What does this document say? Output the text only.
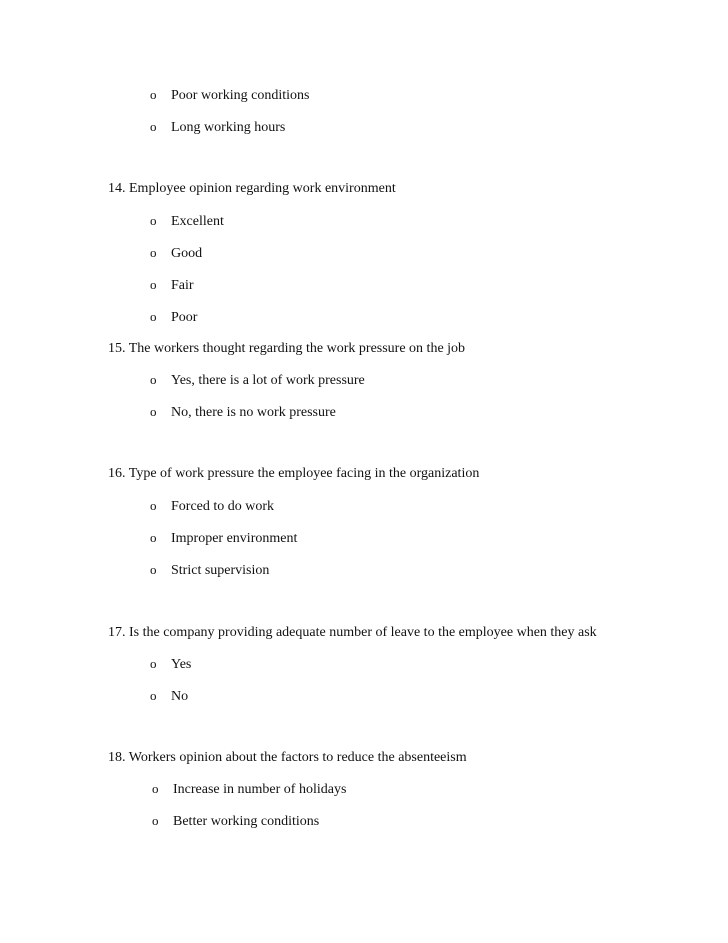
o Poor working conditions
o Long working hours
14. Employee opinion regarding work environment
o Excellent
o Good
o Fair
o Poor
15. The workers thought regarding the work pressure on the job
o Yes, there is a lot of work pressure
o No, there is no work pressure
16. Type of work pressure the employee facing in the organization
o Forced to do work
o Improper environment
o Strict supervision
17. Is the company providing adequate number of leave to the employee when they ask
o Yes
o No
18. Workers opinion about the factors to reduce the absenteeism
o Increase in number of holidays
o Better working conditions
